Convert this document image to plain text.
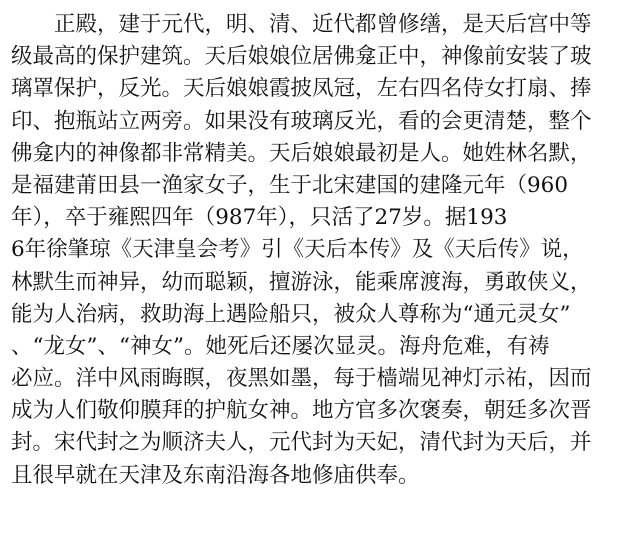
　　正殿，建于元代，明、清、近代都曾修缮，是天后宫中等
级最高的保护建筑。天后娘娘位居佛龛正中，神像前安装了玻
璃罩保护，反光。天后娘娘霞披凤冠，左右四名侍女打扇、捧
印、抱瓶站立两旁。如果没有玻璃反光，看的会更清楚，整个
佛龛内的神像都非常精美。天后娘娘最初是人。她姓林名默，
是福建莆田县一渔家女子，生于北宋建国的建隆元年（960
年），卒于雍熙四年（987年），只活了27岁。据193
6年徐肇琼《天津皇会考》引《天后本传》及《天后传》说，
林默生而神异，幼而聪颖，擅游泳，能乘席渡海，勇敢侠义，
能为人治病，救助海上遇险船只，被众人尊称为“通元灵女”
、“龙女”、“神女”。她死后还屡次显灵。海舟危难，有祷
必应。洋中风雨晦瞑，夜黑如墨，每于樯端见神灯示祐，因而
成为人们敬仰膜拜的护航女神。地方官多次褒奏，朝廷多次晋
封。宋代封之为顺济夫人，元代封为天妃，清代封为天后，并
且很早就在天津及东南沿海各地修庙供奉。
